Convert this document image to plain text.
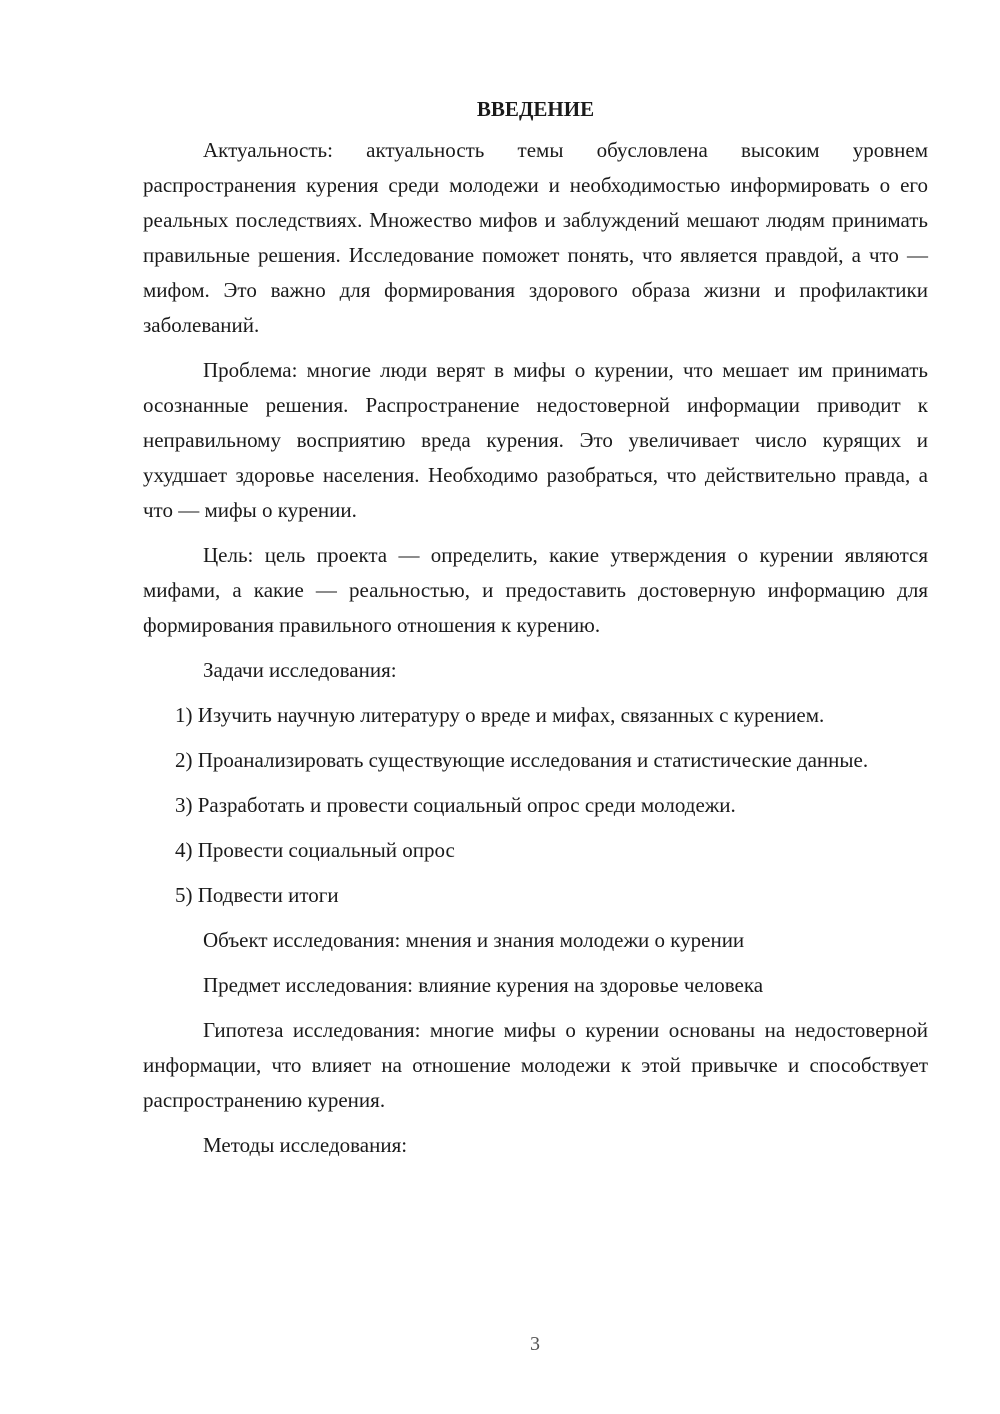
ВВЕДЕНИЕ

Актуальность: актуальность темы обусловлена высоким уровнем распространения курения среди молодежи и необходимостью информировать о его реальных последствиях. Множество мифов и заблуждений мешают людям принимать правильные решения. Исследование поможет понять, что является правдой, а что — мифом. Это важно для формирования здорового образа жизни и профилактики заболеваний.

Проблема: многие люди верят в мифы о курении, что мешает им принимать осознанные решения. Распространение недостоверной информации приводит к неправильному восприятию вреда курения. Это увеличивает число курящих и ухудшает здоровье населения. Необходимо разобраться, что действительно правда, а что — мифы о курении.

Цель: цель проекта — определить, какие утверждения о курении являются мифами, а какие — реальностью, и предоставить достоверную информацию для формирования правильного отношения к курению.

Задачи исследования:

1) Изучить научную литературу о вреде и мифах, связанных с курением.

2) Проанализировать существующие исследования и статистические данные.

3) Разработать и провести социальный опрос среди молодежи.

4) Провести социальный опрос

5) Подвести итоги

Объект исследования: мнения и знания молодежи о курении

Предмет исследования: влияние курения на здоровье человека

Гипотеза исследования: многие мифы о курении основаны на недостоверной информации, что влияет на отношение молодежи к этой привычке и способствует распространению курения.

Методы исследования:

3
